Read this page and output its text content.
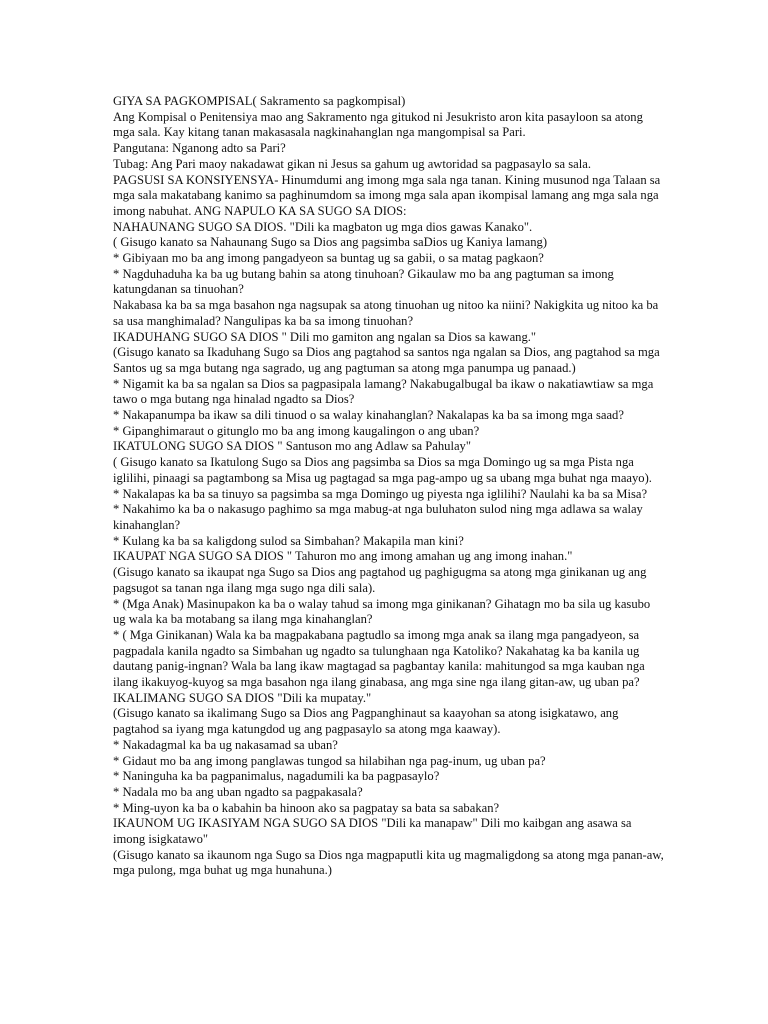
GIYA SA PAGKOMPISAL( Sakramento sa pagkompisal)

Ang Kompisal o Penitensiya mao ang Sakramento nga gitukod ni Jesukristo aron kita pasayloon sa atong mga sala. Kay kitang tanan makasasala nagkinahanglan nga mangompisal sa Pari.

Pangutana: Nganong adto sa Pari?

Tubag: Ang Pari maoy nakadawat gikan ni Jesus sa gahum ug awtoridad sa pagpasaylo sa sala.

PAGSUSI SA KONSIYENSYA- Hinumdumi ang imong mga sala nga tanan. Kining musunod nga Talaan sa mga sala makatabang kanimo sa paghinumdom sa imong mga sala apan ikompisal lamang ang mga sala nga imong nabuhat. ANG NAPULO KA SA SUGO SA DIOS:

NAHAUNANG SUGO SA DIOS. "Dili ka magbaton ug mga dios gawas Kanako".

( Gisugo kanato sa Nahaunang Sugo sa Dios ang pagsimba saDios ug Kaniya lamang)

* Gibiyaan mo ba ang imong pangadyeon sa buntag ug sa gabii, o sa matag pagkaon?

* Nagduhaduha ka ba ug butang bahin sa atong tinuhoan? Gikaulaw mo ba ang pagtuman sa imong katungdanan sa tinuohan?

Nakabasa ka ba sa mga basahon nga nagsupak sa atong tinuohan ug nitoo ka niini? Nakigkita ug nitoo ka ba sa usa manghimalad? Nangulipas ka ba sa imong tinuohan?

IKADUHANG SUGO SA DIOS " Dili mo gamiton ang ngalan sa Dios sa kawang."

(Gisugo kanato sa Ikaduhang Sugo sa Dios ang pagtahod sa santos nga ngalan sa Dios, ang pagtahod sa mga Santos ug sa mga butang nga sagrado, ug ang pagtuman sa atong mga panumpa ug panaad.)

* Nigamit ka ba sa ngalan sa Dios sa pagpasipala lamang? Nakabugalbugal ba ikaw o nakatiawtiaw sa mga tawo o mga butang nga hinalad ngadto sa Dios?

* Nakapanumpa ba ikaw sa dili tinuod o sa walay kinahanglan? Nakalapas ka ba sa imong mga saad?

* Gipanghimaraut o gitunglo mo ba ang imong kaugalingon o ang uban?

IKATULONG SUGO SA DIOS " Santuson mo ang Adlaw sa Pahulay"

( Gisugo kanato sa Ikatulong Sugo sa Dios ang pagsimba sa Dios sa mga Domingo ug sa mga Pista nga iglilihi, pinaagi sa pagtambong sa Misa ug pagtagad sa mga pag-ampo ug sa ubang mga buhat nga maayo).

* Nakalapas ka ba sa tinuyo sa pagsimba sa mga Domingo ug piyesta nga iglilihi? Naulahi ka ba sa Misa?

* Nakahimo ka ba o nakasugo paghimo sa mga mabug-at nga buluhaton sulod ning mga adlawa sa walay kinahanglan?

* Kulang ka ba sa kaligdong sulod sa Simbahan? Makapila man kini?

IKAUPAT NGA SUGO SA DIOS " Tahuron mo ang imong amahan ug ang imong inahan."

(Gisugo kanato sa ikaupat nga Sugo sa Dios ang pagtahod ug paghigugma sa atong mga ginikanan ug ang pagsugot sa tanan nga ilang mga sugo nga dili sala).

* (Mga Anak) Masinupakon ka ba o walay tahud sa imong mga ginikanan? Gihatagn mo ba sila ug kasubo ug wala ka ba motabang sa ilang mga kinahanglan?

* ( Mga Ginikanan) Wala ka ba magpakabana pagtudlo sa imong mga anak sa ilang mga pangadyeon, sa pagpadala kanila ngadto sa Simbahan ug ngadto sa tulunghaan nga Katoliko? Nakahatag ka ba kanila ug dautang panig-ingnan? Wala ba lang ikaw magtagad sa pagbantay kanila: mahitungod sa mga kauban nga ilang ikakuyog-kuyog sa mga basahon nga ilang ginabasa, ang mga sine nga ilang gitan-aw, ug uban pa?

IKALIMANG SUGO SA DIOS "Dili ka mupatay."

(Gisugo kanato sa ikalimang Sugo sa Dios ang Pagpanghinaut sa kaayohan sa atong isigkatawo, ang pagtahod sa iyang mga katungdod ug ang pagpasaylo sa atong mga kaaway).

* Nakadagmal ka ba ug nakasamad sa uban?

* Gidaut mo ba ang imong panglawas tungod sa hilabihan nga pag-inum, ug uban pa?

* Naninguha ka ba pagpanimalus, nagadumili ka ba pagpasaylo?

* Nadala mo ba ang uban ngadto sa pagpakasala?

* Ming-uyon ka ba o kabahin ba hinoon ako sa pagpatay sa bata sa sabakan?

IKAUNOM UG IKASIYAM NGA SUGO SA DIOS "Dili ka manapaw" Dili mo kaibgan ang asawa sa imong isigkatawo"

(Gisugo kanato sa ikaunom nga Sugo sa Dios nga magpaputli kita ug magmaligdong sa atong mga panan-aw, mga pulong, mga buhat ug mga hunahuna.)
